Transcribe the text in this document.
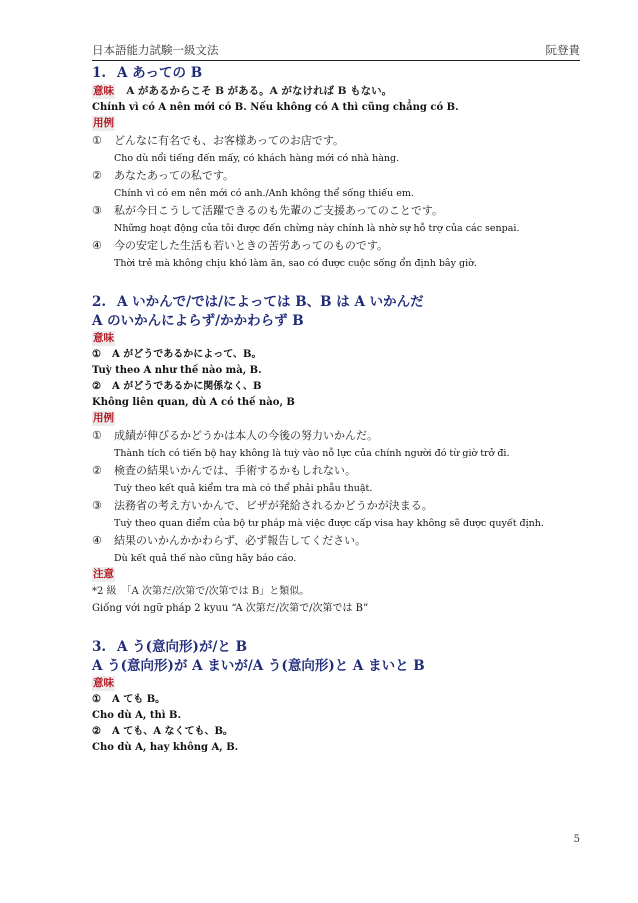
日本語能力試験一級文法	阮登貴
1. A あっての B
意味 A があるからこそ B がある。A がなければ B もない。
Chính vì có A nên mới có B. Nếu không có A thì cũng chẳng có B.
用例
①	どんなに有名でも、お客様あってのお店です。
Cho dù nổi tiếng đến mấy, có khách hàng mới có nhà hàng.
②	あなたあっての私です。
Chính vì có em nên mới có anh./Anh không thể sống thiếu em.
③	私が今日こうして活躍できるのも先輩のご支援あってのことです。
Những hoạt động của tôi được đến chừng này chính là nhờ sự hỗ trợ của các senpai.
④	今の安定した生活も若いときの苦労あってのものです。
Thời trẻ mà không chịu khó làm ăn, sao có được cuộc sống ổn định bây giờ.
2. A いかんで/では/によっては B、B は A いかんだ
A のいかんによらず/かかわらず B
意味
① A がどうであるかによって、B。
Tuỳ theo A như thế nào mà, B.
② A がどうであるかに関係なく、B
Không liên quan, dù A có thế nào, B
用例
①	成績が伸びるかどうかは本人の今後の努力いかんだ。
Thành tích có tiến bộ hay không là tuỳ vào nỗ lực của chính người đó từ giờ trở đi.
②	検査の結果いかんでは、手術するかもしれない。
Tuỳ theo kết quả kiểm tra mà có thể phải phẫu thuật.
③	法務省の考え方いかんで、ビザが発給されるかどうかが決まる。
Tuỳ theo quan điểm của bộ tư pháp mà việc được cấp visa hay không sẽ được quyết định.
④	結果のいかんかかわらず、必ず報告してください。
Dù kết quả thế nào cũng hãy báo cáo.
注意
*2 級　「A 次第だ/次第で/次第では B」と類似。
Giống với ngữ pháp 2 kyuu “A 次第だ/次第で/次第では B”
3. A う(意向形)が/と B
A う(意向形)が A まいが/A う(意向形)と A まいと B
意味
① A ても B。
Cho dù A, thì B.
② A ても、A なくても、B。
Cho dù A, hay không A, B.
5
